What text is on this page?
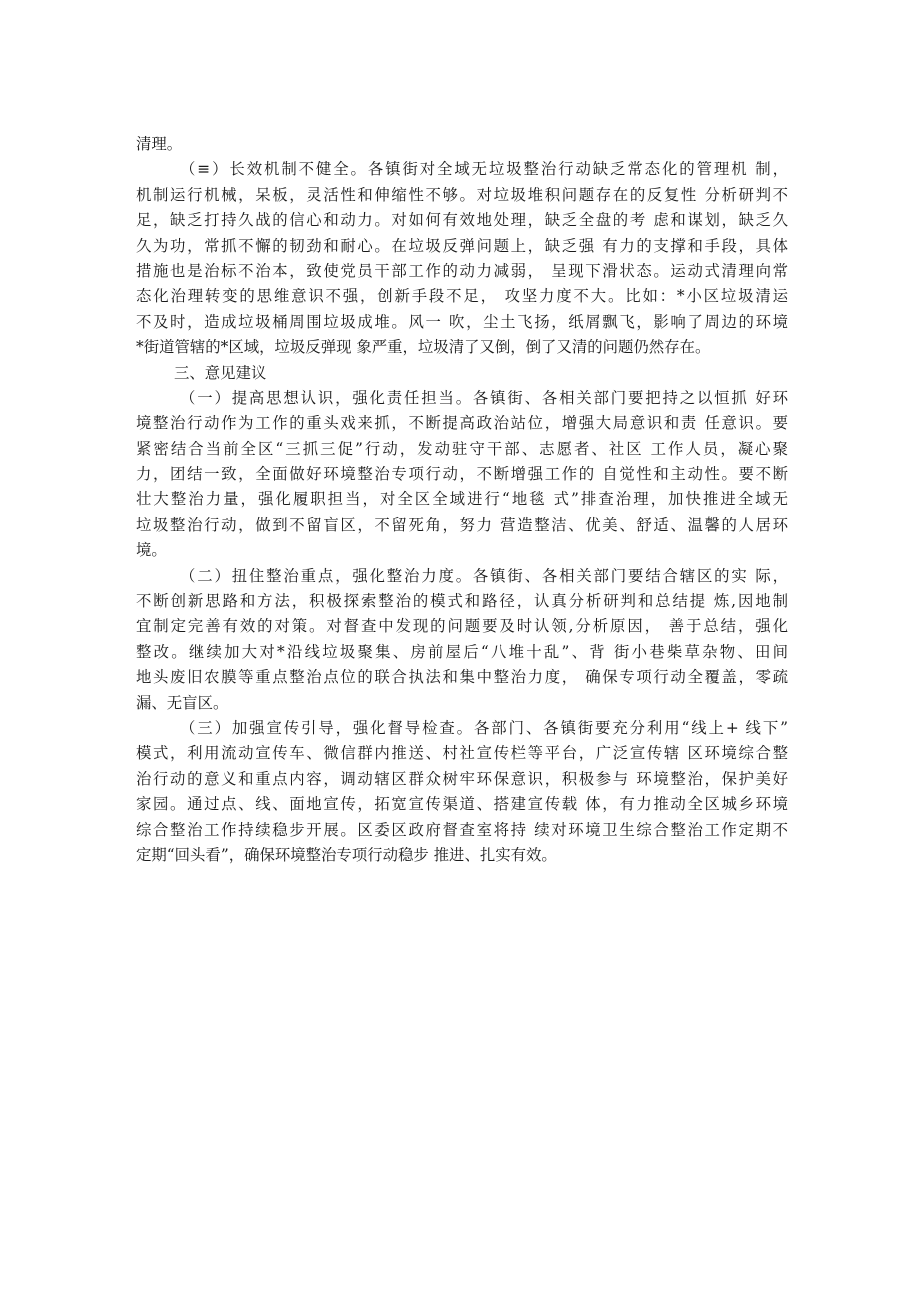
清理。
（≡）长效机制不健全。各镇街对全域无垃圾整治行动缺乏常态化的管理机 制，
机制运行机械，呆板，灵活性和伸缩性不够。对垃圾堆积问题存在的反复性 分析研判不
足，缺乏打持久战的信心和动力。对如何有效地处理，缺乏全盘的考 虑和谋划，缺乏久
久为功，常抓不懈的韧劲和耐心。在垃圾反弹问题上，缺乏强 有力的支撑和手段，具体
措施也是治标不治本，致使党员干部工作的动力减弱， 呈现下滑状态。运动式清理向常
态化治理转变的思维意识不强，创新手段不足， 攻坚力度不大。比如：*小区垃圾清运
不及时，造成垃圾桶周围垃圾成堆。风一 吹，尘土飞扬，纸屑飘飞，影响了周边的环境
*街道管辖的*区域，垃圾反弹现 象严重，垃圾清了又倒，倒了又清的问题仍然存在。
三、意见建议
（一）提高思想认识，强化责任担当。各镇街、各相关部门要把持之以恒抓 好环
境整治行动作为工作的重头戏来抓，不断提高政治站位，增强大局意识和责 任意识。要
紧密结合当前全区“三抓三促”行动，发动驻守干部、志愿者、社区 工作人员，凝心聚
力，团结一致，全面做好环境整治专项行动，不断增强工作的 自觉性和主动性。要不断
壮大整治力量，强化履职担当，对全区全域进行“地毯 式”排查治理，加快推进全域无
垃圾整治行动，做到不留盲区，不留死角，努力 营造整洁、优美、舒适、温馨的人居环
境。
（二）扭住整治重点，强化整治力度。各镇街、各相关部门要结合辖区的实 际，
不断创新思路和方法，积极探索整治的模式和路径，认真分析研判和总结提 炼,因地制
宜制定完善有效的对策。对督查中发现的问题要及时认领,分析原因， 善于总结，强化
整改。继续加大对*沿线垃圾聚集、房前屋后“八堆十乱”、背 街小巷柴草杂物、田间
地头废旧农膜等重点整治点位的联合执法和集中整治力度， 确保专项行动全覆盖，零疏
漏、无盲区。
（三）加强宣传引导，强化督导检查。各部门、各镇街要充分利用“线上+ 线下”
模式，利用流动宣传车、微信群内推送、村社宣传栏等平台，广泛宣传辖 区环境综合整
治行动的意义和重点内容，调动辖区群众树牢环保意识，积极参与 环境整治，保护美好
家园。通过点、线、面地宣传，拓宽宣传渠道、搭建宣传载 体，有力推动全区城乡环境
综合整治工作持续稳步开展。区委区政府督查室将持 续对环境卫生综合整治工作定期不
定期“回头看”，确保环境整治专项行动稳步 推进、扎实有效。
